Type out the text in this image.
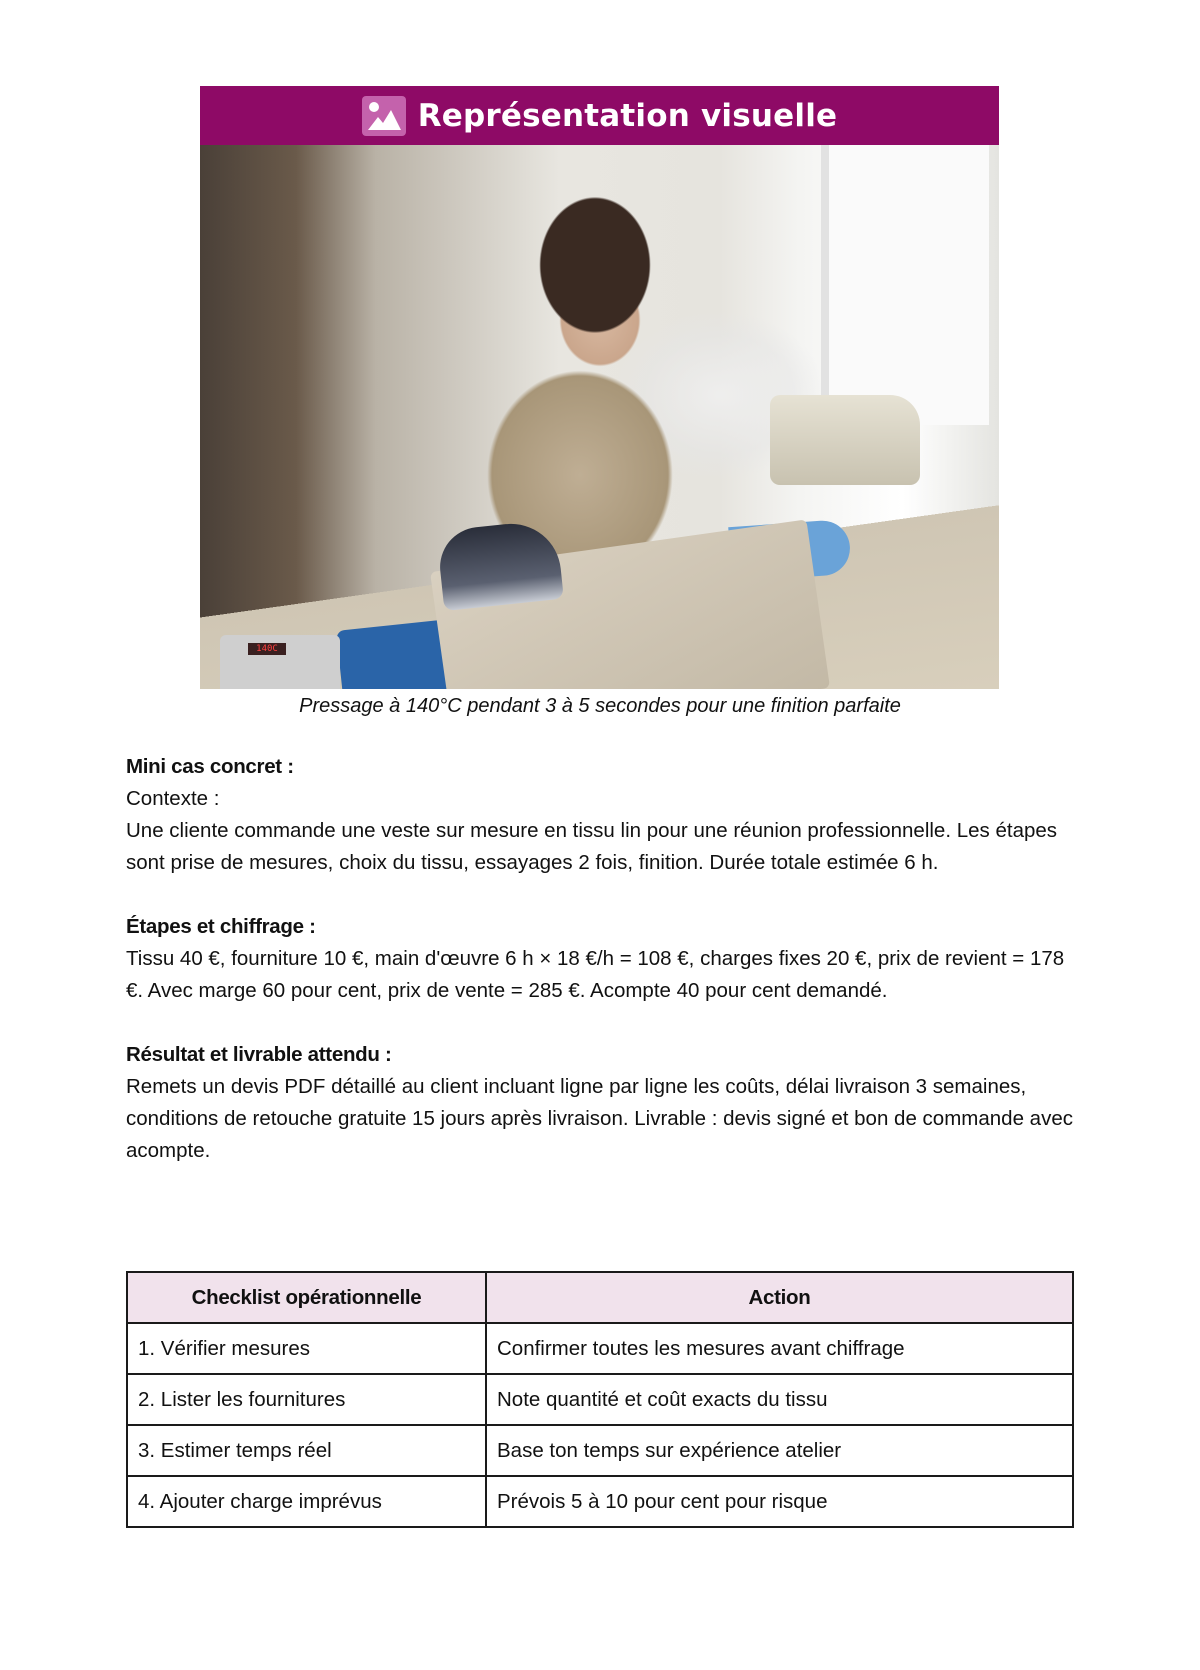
Représentation visuelle
140C
Pressage à 140°C pendant 3 à 5 secondes pour une finition parfaite

Mini cas concret :

Contexte :

Une cliente commande une veste sur mesure en tissu lin pour une réunion professionnelle. Les étapes sont prise de mesures, choix du tissu, essayages 2 fois, finition. Durée totale estimée 6 h.

Étapes et chiffrage :

Tissu 40 €, fourniture 10 €, main d'œuvre 6 h × 18 €/h = 108 €, charges fixes 20 €, prix de revient = 178 €. Avec marge 60 pour cent, prix de vente = 285 €. Acompte 40 pour cent demandé.

Résultat et livrable attendu :

Remets un devis PDF détaillé au client incluant ligne par ligne les coûts, délai livraison 3 semaines, conditions de retouche gratuite 15 jours après livraison. Livrable : devis signé et bon de commande avec acompte.

Checklist opérationnelle	Action
1. Vérifier mesures	Confirmer toutes les mesures avant chiffrage
2. Lister les fournitures	Note quantité et coût exacts du tissu
3. Estimer temps réel	Base ton temps sur expérience atelier
4. Ajouter charge imprévus	Prévois 5 à 10 pour cent pour risque
